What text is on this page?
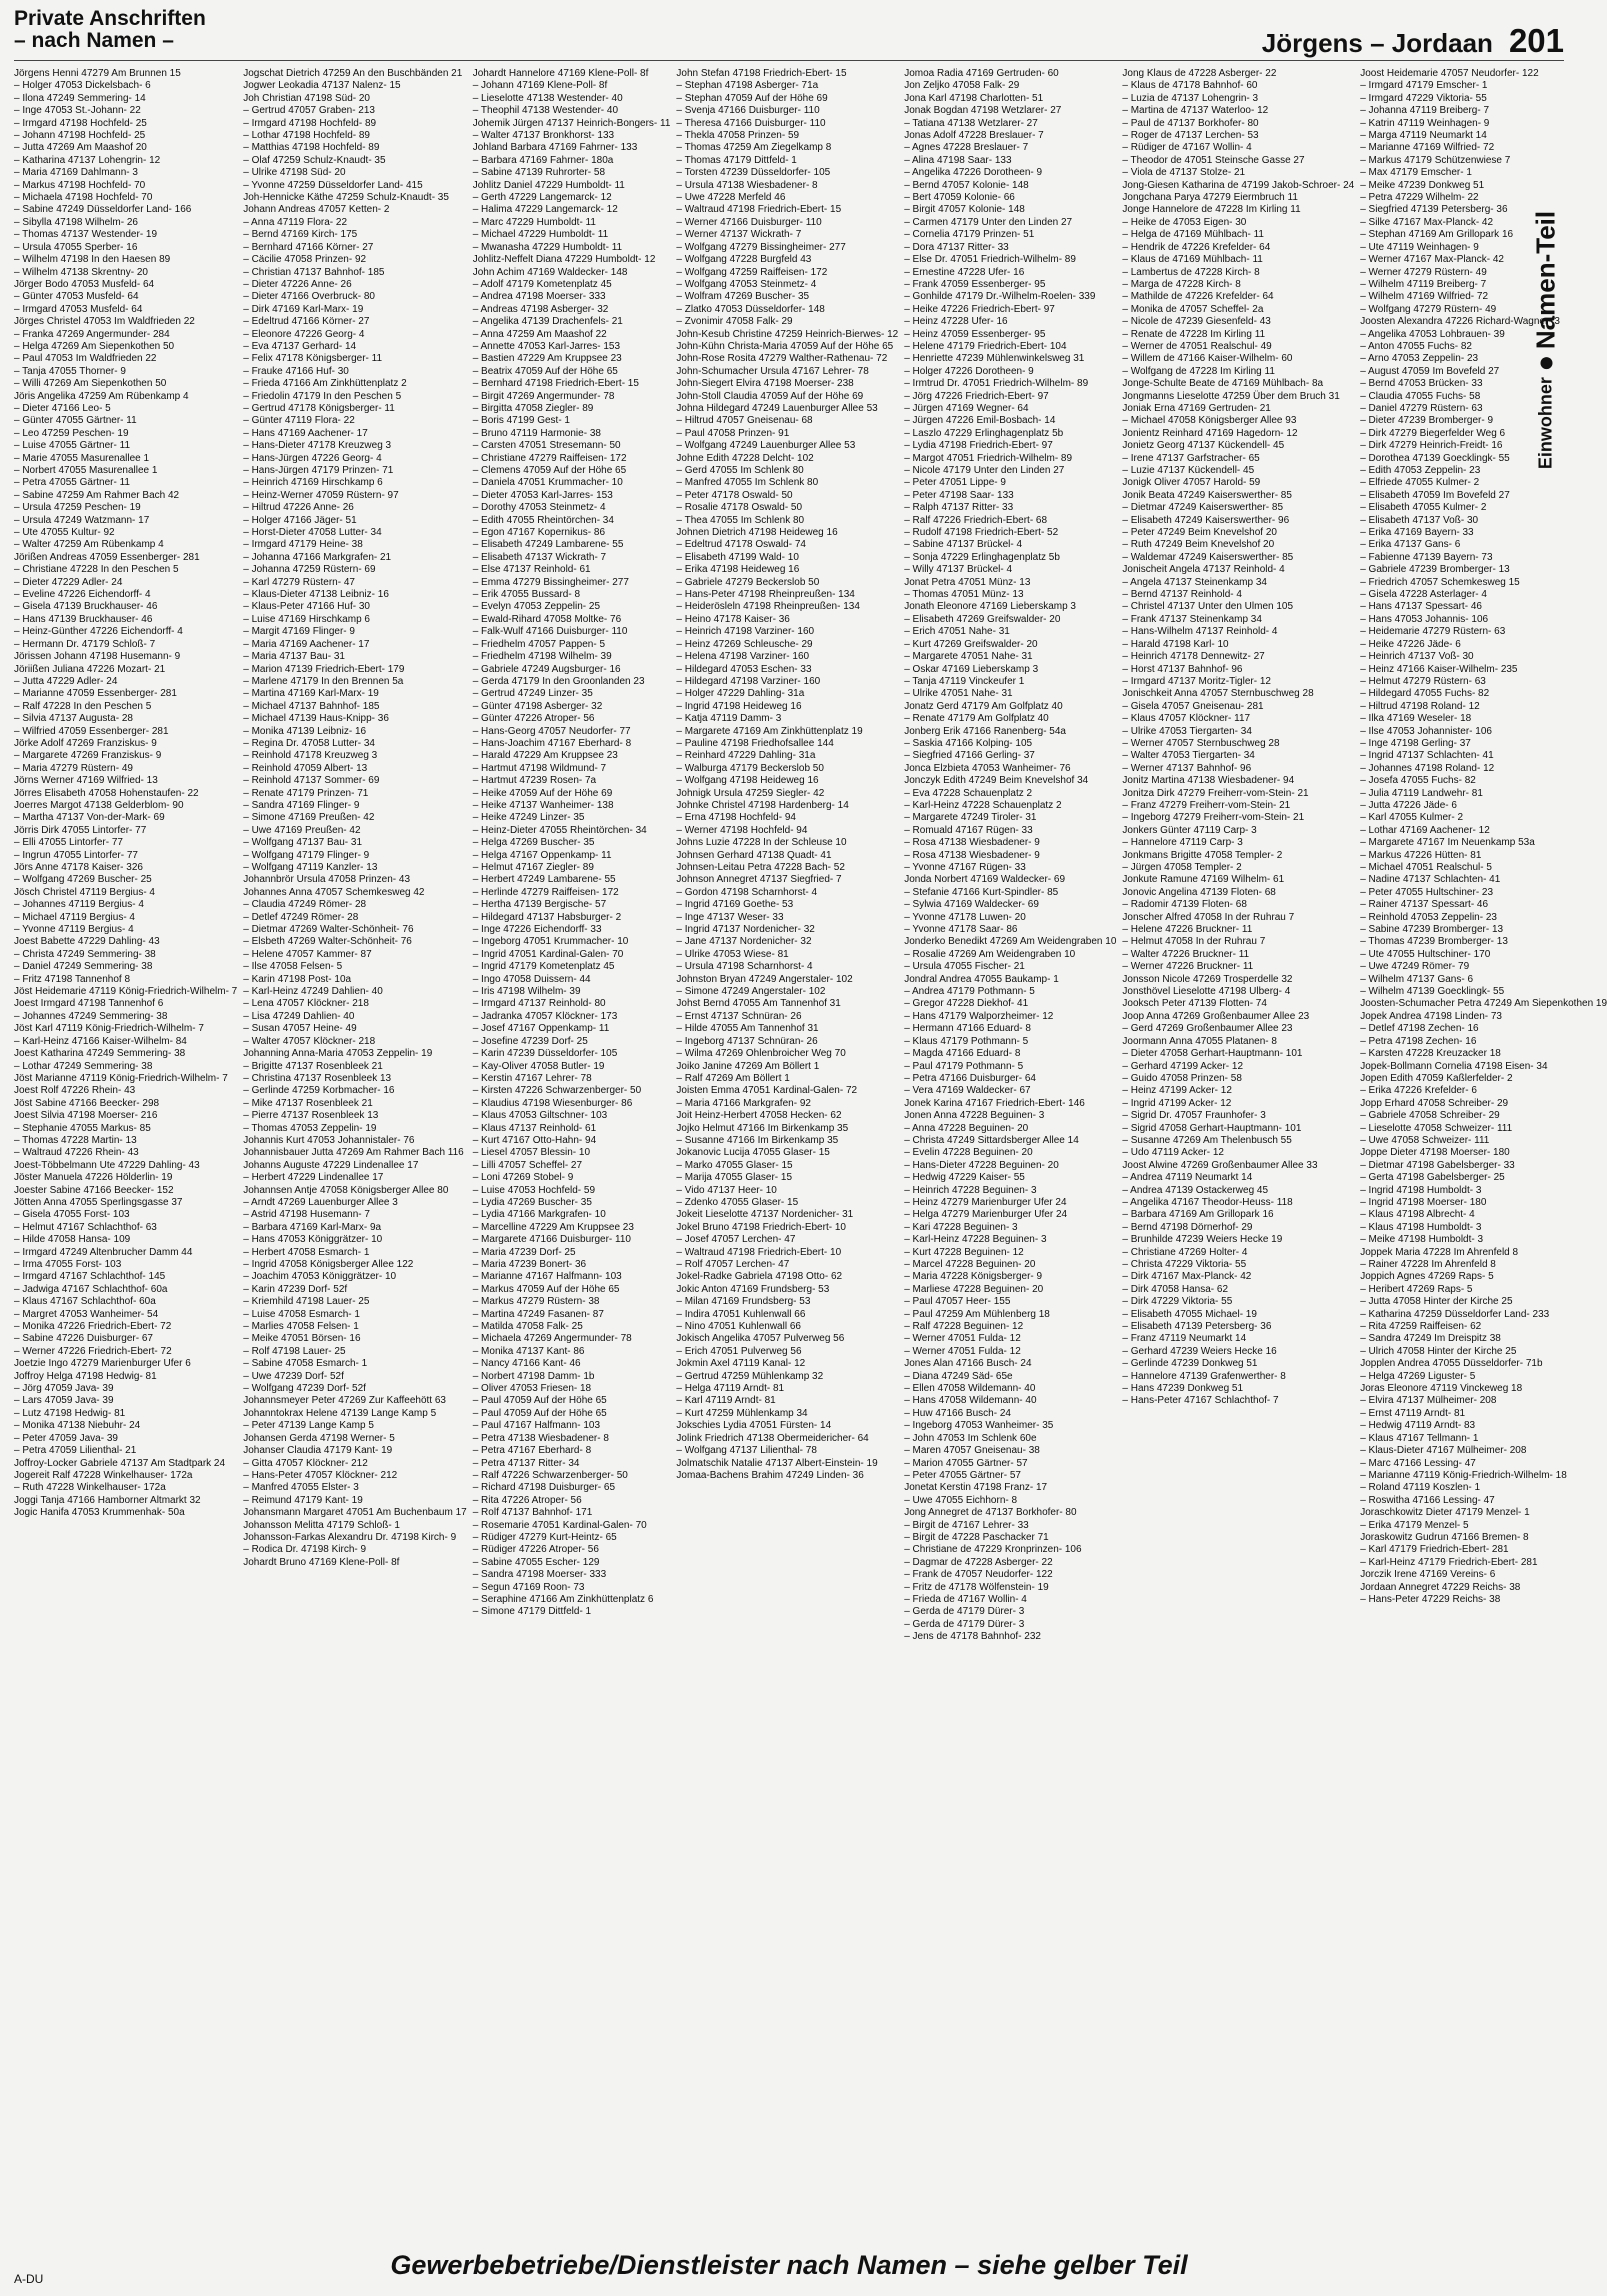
Private Anschriften
– nach Namen –	Jörgens – Jordaan 201

Jörgens Henni 47279 Am Brunnen 15

– Holger 47053 Dickelsbach- 6

– Ilona 47249 Semmering- 14

– Inge 47053 St.-Johann- 22

– Irmgard 47198 Hochfeld- 25

– Johann 47198 Hochfeld- 25

– Jutta 47269 Am Maashof 20

– Katharina 47137 Lohengrin- 12

– Maria 47169 Dahlmann- 3

– Markus 47198 Hochfeld- 70

– Michaela 47198 Hochfeld- 70

– Sabine 47249 Düsseldorfer Land- 166

– Sibylla 47198 Wilhelm- 26

– Thomas 47137 Westender- 19

– Ursula 47055 Sperber- 16

– Wilhelm 47198 In den Haesen 89

– Wilhelm 47138 Skrentny- 20

Jörger Bodo 47053 Musfeld- 64

– Günter 47053 Musfeld- 64

– Irmgard 47053 Musfeld- 64

Jörges Christel 47053 Im Waldfrieden 22

– Franka 47269 Angermunder- 284

– Helga 47269 Am Siepenkothen 50

– Paul 47053 Im Waldfrieden 22

– Tanja 47055 Thorner- 9

– Willi 47269 Am Siepenkothen 50

Jöris Angelika 47259 Am Rübenkamp 4

– Dieter 47166 Leo- 5

– Günter 47055 Gärtner- 11

– Leo 47259 Peschen- 19

– Luise 47055 Gärtner- 11

– Marie 47055 Masurenallee 1

– Norbert 47055 Masurenallee 1

– Petra 47055 Gärtner- 11

– Sabine 47259 Am Rahmer Bach 42

– Ursula 47259 Peschen- 19

– Ursula 47249 Watzmann- 17

– Ute 47055 Kultur- 92

– Walter 47259 Am Rübenkamp 4

Jörißen Andreas 47059 Essenberger- 281

– Christiane 47228 In den Peschen 5

– Dieter 47229 Adler- 24

– Eveline 47226 Eichendorff- 4

– Gisela 47139 Bruckhauser- 46

– Hans 47139 Bruckhauser- 46

– Heinz-Günther 47226 Eichendorff- 4

– Hermann Dr. 47179 Schloß- 7

Jörissen Johann 47198 Husemann- 9

Jöriißen Juliana 47226 Mozart- 21

– Jutta 47229 Adler- 24

– Marianne 47059 Essenberger- 281

– Ralf 47228 In den Peschen 5

– Silvia 47137 Augusta- 28

– Wilfried 47059 Essenberger- 281

Jörke Adolf 47269 Franziskus- 9

– Margarete 47269 Franziskus- 9

– Maria 47279 Rüstern- 49

Jörns Werner 47169 Wilfried- 13

Jörres Elisabeth 47058 Hohenstaufen- 22

Joerres Margot 47138 Gelderblom- 90

– Martha 47137 Von-der-Mark- 69

Jörris Dirk 47055 Lintorfer- 77

– Elli 47055 Lintorfer- 77

– Ingrun 47055 Lintorfer- 77

Jörs Anne 47178 Kaiser- 326

– Wolfgang 47269 Buscher- 25

Jösch Christel 47119 Bergius- 4

– Johannes 47119 Bergius- 4

– Michael 47119 Bergius- 4

– Yvonne 47119 Bergius- 4

Joest Babette 47229 Dahling- 43

– Christa 47249 Semmering- 38

– Daniel 47249 Semmering- 38

– Fritz 47198 Tannenhof 8

Jöst Heidemarie 47119 König-Friedrich-Wilhelm- 7

Joest Irmgard 47198 Tannenhof 6

– Johannes 47249 Semmering- 38

Jöst Karl 47119 König-Friedrich-Wilhelm- 7

– Karl-Heinz 47166 Kaiser-Wilhelm- 84

Joest Katharina 47249 Semmering- 38

– Lothar 47249 Semmering- 38

Jöst Marianne 47119 König-Friedrich-Wilhelm- 7

Joest Rolf 47226 Rhein- 43

Jöst Sabine 47166 Beecker- 298

Joest Silvia 47198 Moerser- 216

– Stephanie 47055 Markus- 85

– Thomas 47228 Martin- 13

– Waltraud 47226 Rhein- 43

Joest-Többelmann Ute 47229 Dahling- 43

Jöster Manuela 47226 Hölderlin- 19

Joester Sabine 47166 Beecker- 152

Jötten Anna 47055 Sperlingsgasse 37

– Gisela 47055 Forst- 103

– Helmut 47167 Schlachthof- 63

– Hilde 47058 Hansa- 109

– Irmgard 47249 Altenbrucher Damm 44

– Irma 47055 Forst- 103

– Irmgard 47167 Schlachthof- 145

– Jadwiga 47167 Schlachthof- 60a

– Klaus 47167 Schlachthof- 60a

– Margret 47053 Wanheimer- 54

– Monika 47226 Friedrich-Ebert- 72

– Sabine 47226 Duisburger- 67

– Werner 47226 Friedrich-Ebert- 72

Joetzie Ingo 47279 Marienburger Ufer 6

Joffroy Helga 47198 Hedwig- 81

– Jörg 47059 Java- 39

– Lars 47059 Java- 39

– Lutz 47198 Hedwig- 81

– Monika 47138 Niebuhr- 24

– Peter 47059 Java- 39

– Petra 47059 Lilienthal- 21

Joffroy-Locker Gabriele 47137 Am Stadtpark 24

Jogereit Ralf 47228 Winkelhauser- 172a

– Ruth 47228 Winkelhauser- 172a

Joggi Tanja 47166 Hamborner Altmarkt 32

Jogic Hanifa 47053 Krummenhak- 50a

Jogschat Dietrich 47259 An den Buschbänden 21

Jogwer Leokadia 47137 Nalenz- 15

Joh Christian 47198 Süd- 20

– Gertrud 47057 Graben- 213

– Irmgard 47198 Hochfeld- 89

– Lothar 47198 Hochfeld- 89

– Matthias 47198 Hochfeld- 89

– Olaf 47259 Schulz-Knaudt- 35

– Ulrike 47198 Süd- 20

– Yvonne 47259 Düsseldorfer Land- 415

Joh-Hennicke Käthe 47259 Schulz-Knaudt- 35

Johann Andreas 47057 Ketten- 2

– Anna 47119 Flora- 22

– Bernd 47169 Kirch- 175

– Bernhard 47166 Körner- 27

– Cäcilie 47058 Prinzen- 92

– Christian 47137 Bahnhof- 185

– Dieter 47226 Anne- 26

– Dieter 47166 Overbruck- 80

– Dirk 47169 Karl-Marx- 19

– Edeltrud 47166 Körner- 27

– Eleonore 47226 Georg- 4

– Eva 47137 Gerhard- 14

– Felix 47178 Königsberger- 11

– Frauke 47166 Huf- 30

– Frieda 47166 Am Zinkhüttenplatz 2

– Friedolin 47179 In den Peschen 5

– Gertrud 47178 Königsberger- 11

– Günter 47119 Flora- 22

– Hans 47169 Aachener- 17

– Hans-Dieter 47178 Kreuzweg 3

– Hans-Jürgen 47226 Georg- 4

– Hans-Jürgen 47179 Prinzen- 71

– Heinrich 47169 Hirschkamp 6

– Heinz-Werner 47059 Rüstern- 97

– Hiltrud 47226 Anne- 26

– Holger 47166 Jäger- 51

– Horst-Dieter 47058 Lutter- 34

– Irmgard 47179 Heine- 38

– Johanna 47166 Markgrafen- 21

– Johanna 47259 Rüstern- 69

– Karl 47279 Rüstern- 47

– Klaus-Dieter 47138 Leibniz- 16

– Klaus-Peter 47166 Huf- 30

– Luise 47169 Hirschkamp 6

– Margit 47169 Flinger- 9

– Maria 47169 Aachener- 17

– Maria 47137 Bau- 31

– Marion 47139 Friedrich-Ebert- 179

– Marlene 47179 In den Brennen 5a

– Martina 47169 Karl-Marx- 19

– Michael 47137 Bahnhof- 185

– Michael 47139 Haus-Knipp- 36

– Monika 47139 Leibniz- 16

– Regina Dr. 47058 Lutter- 34

– Reinhold 47178 Kreuzweg 3

– Reinhold 47059 Albert- 13

– Reinhold 47137 Sommer- 69

– Renate 47179 Prinzen- 71

– Sandra 47169 Flinger- 9

– Simone 47169 Preußen- 42

– Uwe 47169 Preußen- 42

– Wolfgang 47137 Bau- 31

– Wolfgang 47179 Flinger- 9

– Wolfgang 47119 Kanzler- 13

Johannbrör Ursula 47058 Prinzen- 43

Johannes Anna 47057 Schemkesweg 42

– Claudia 47249 Römer- 28

– Detlef 47249 Römer- 28

– Dietmar 47269 Walter-Schönheit- 76

– Elsbeth 47269 Walter-Schönheit- 76

– Helene 47057 Kammer- 87

– Ilse 47058 Felsen- 5

– Karin 47198 Post- 10a

– Karl-Heinz 47249 Dahlien- 40

– Lena 47057 Klöckner- 218

– Lisa 47249 Dahlien- 40

– Susan 47057 Heine- 49

– Walter 47057 Klöckner- 218

Johanning Anna-Maria 47053 Zeppelin- 19

– Brigitte 47137 Rosenbleek 21

– Christina 47137 Rosenbleek 13

– Gerlinde 47259 Korbmacher- 16

– Mike 47137 Rosenbleek 21

– Pierre 47137 Rosenbleek 13

– Thomas 47053 Zeppelin- 19

Johannis Kurt 47053 Johannistaler- 76

Johannisbauer Jutta 47269 Am Rahmer Bach 116

Johanns Auguste 47229 Lindenallee 17

– Herbert 47229 Lindenallee 17

Johannsen Antje 47058 Königsberger Allee 80

– Arndt 47269 Lauenburger Allee 3

– Astrid 47198 Husemann- 7

– Barbara 47169 Karl-Marx- 9a

– Hans 47053 Königgrätzer- 10

– Herbert 47058 Esmarch- 1

– Ingrid 47058 Königsberger Allee 122

– Joachim 47053 Königgrätzer- 10

– Karin 47239 Dorf- 52f

– Kriemhild 47198 Lauer- 25

– Luise 47058 Esmarch- 1

– Marlies 47058 Felsen- 1

– Meike 47051 Börsen- 16

– Rolf 47198 Lauer- 25

– Sabine 47058 Esmarch- 1

– Uwe 47239 Dorf- 52f

– Wolfgang 47239 Dorf- 52f

Johannsmeyer Peter 47269 Zur Kaffeehött 63

Johanntokrax Helene 47139 Lange Kamp 5

– Peter 47139 Lange Kamp 5

Johansen Gerda 47198 Werner- 5

Johanser Claudia 47179 Kant- 19

– Gitta 47057 Klöckner- 212

– Hans-Peter 47057 Klöckner- 212

– Manfred 47055 Elster- 3

– Reimund 47179 Kant- 19

Johansmann Margaret 47051 Am Buchenbaum 17

Johansson Melitta 47179 Schloß- 1

Johansson-Farkas Alexandru Dr. 47198 Kirch- 9

– Rodica Dr. 47198 Kirch- 9

Johardt Bruno 47169 Klene-Poll- 8f

Johardt Hannelore 47169 Klene-Poll- 8f

– Johann 47169 Klene-Poll- 8f

– Lieselotte 47138 Westender- 40

– Theophil 47138 Westender- 40

Johemik Jürgen 47137 Heinrich-Bongers- 11

– Walter 47137 Bronkhorst- 133

Johland Barbara 47169 Fahrner- 133

– Barbara 47169 Fahrner- 180a

– Sabine 47139 Ruhrorter- 58

Johlitz Daniel 47229 Humboldt- 11

– Gerth 47229 Langemarck- 12

– Halima 47229 Langemarck- 12

– Marc 47229 Humboldt- 11

– Michael 47229 Humboldt- 11

– Mwanasha 47229 Humboldt- 11

Johlitz-Neffelt Diana 47229 Humboldt- 12

John Achim 47169 Waldecker- 148

– Adolf 47179 Kometenplatz 45

– Andrea 47198 Moerser- 333

– Andreas 47198 Asberger- 32

– Angelika 47139 Drachenfels- 21

– Anna 47259 Am Maashof 22

– Annette 47053 Karl-Jarres- 153

– Bastien 47229 Am Kruppsee 23

– Beatrix 47059 Auf der Höhe 65

– Bernhard 47198 Friedrich-Ebert- 15

– Birgit 47269 Angermunder- 78

– Birgitta 47058 Ziegler- 89

– Boris 47199 Gest- 1

– Bruno 47119 Harmonie- 38

– Carsten 47051 Stresemann- 50

– Christiane 47279 Raiffeisen- 172

– Clemens 47059 Auf der Höhe 65

– Daniela 47051 Krummacher- 10

– Dieter 47053 Karl-Jarres- 153

– Dorothy 47053 Steinmetz- 4

– Edith 47055 Rheintörchen- 34

– Egon 47167 Kopernikus- 86

– Elisabeth 47249 Lambarene- 55

– Elisabeth 47137 Wickrath- 7

– Else 47137 Reinhold- 61

– Emma 47279 Bissingheimer- 277

– Erik 47055 Bussard- 8

– Evelyn 47053 Zeppelin- 25

– Ewald-Rihard 47058 Moltke- 76

– Falk-Wulf 47166 Duisburger- 110

– Friedhelm 47057 Pappen- 5

– Friedhelm 47198 Wilhelm- 39

– Gabriele 47249 Augsburger- 16

– Gerda 47179 In den Groonlanden 23

– Gertrud 47249 Linzer- 35

– Günter 47198 Asberger- 32

– Günter 47226 Atroper- 56

– Hans-Georg 47057 Neudorfer- 77

– Hans-Joachim 47167 Eberhard- 8

– Harald 47229 Am Kruppsee 23

– Hartmut 47198 Wildmund- 7

– Hartmut 47239 Rosen- 7a

– Heike 47059 Auf der Höhe 69

– Heike 47137 Wanheimer- 138

– Heike 47249 Linzer- 35

– Heinz-Dieter 47055 Rheintörchen- 34

– Helga 47269 Buscher- 35

– Helga 47167 Oppenkamp- 11

– Helmut 47167 Ziegler- 89

– Herbert 47249 Lambarene- 55

– Herlinde 47279 Raiffeisen- 172

– Hertha 47139 Bergische- 57

– Hildegard 47137 Habsburger- 2

– Inge 47226 Eichendorff- 33

– Ingeborg 47051 Krummacher- 10

– Ingrid 47051 Kardinal-Galen- 70

– Ingrid 47179 Kometenplatz 45

– Ingo 47058 Duissern- 44

– Iris 47198 Wilhelm- 39

– Irmgard 47137 Reinhold- 80

– Jadranka 47057 Klöckner- 173

– Josef 47167 Oppenkamp- 11

– Josefine 47239 Dorf- 25

– Karin 47239 Düsseldorfer- 105

– Kay-Oliver 47058 Butler- 19

– Kerstin 47167 Lehrer- 78

– Kirsten 47226 Schwarzenberger- 50

– Klaudius 47198 Wiesenburger- 86

– Klaus 47053 Giltschner- 103

– Klaus 47137 Reinhold- 61

– Kurt 47167 Otto-Hahn- 94

– Liesel 47057 Blessin- 10

– Lilli 47057 Scheffel- 27

– Loni 47269 Stobel- 9

– Luise 47053 Hochfeld- 59

– Lydia 47269 Buscher- 35

– Lydia 47166 Markgrafen- 10

– Marcelline 47229 Am Kruppsee 23

– Margarete 47166 Duisburger- 110

– Maria 47239 Dorf- 25

– Maria 47239 Bonert- 36

– Marianne 47167 Halfmann- 103

– Markus 47059 Auf der Höhe 65

– Markus 47279 Rüstern- 38

– Martina 47249 Fasanen- 87

– Matilda 47058 Falk- 25

– Michaela 47269 Angermunder- 78

– Monika 47137 Kant- 86

– Nancy 47166 Kant- 46

– Norbert 47198 Damm- 1b

– Oliver 47053 Friesen- 18

– Paul 47059 Auf der Höhe 65

– Paul 47059 Auf der Höhe 65

– Paul 47167 Halfmann- 103

– Petra 47138 Wiesbadener- 8

– Petra 47167 Eberhard- 8

– Petra 47137 Ritter- 34

– Ralf 47226 Schwarzenberger- 50

– Richard 47198 Duisburger- 65

– Rita 47226 Atroper- 56

– Rolf 47137 Bahnhof- 171

– Rosemarie 47051 Kardinal-Galen- 70

– Rüdiger 47279 Kurt-Heintz- 65

– Rüdiger 47226 Atroper- 56

– Sabine 47055 Escher- 129

– Sandra 47198 Moerser- 333

– Segun 47169 Roon- 73

– Seraphine 47166 Am Zinkhüttenplatz 6

– Simone 47179 Dittfeld- 1

John Stefan 47198 Friedrich-Ebert- 15

– Stephan 47198 Asberger- 71a

– Stephan 47059 Auf der Höhe 69

– Svenja 47166 Duisburger- 110

– Theresa 47166 Duisburger- 110

– Thekla 47058 Prinzen- 59

– Thomas 47259 Am Ziegelkamp 8

– Thomas 47179 Dittfeld- 1

– Torsten 47239 Düsseldorfer- 105

– Ursula 47138 Wiesbadener- 8

– Uwe 47228 Merfeld 46

– Waltraud 47198 Friedrich-Ebert- 15

– Werner 47166 Duisburger- 110

– Werner 47137 Wickrath- 7

– Wolfgang 47279 Bissingheimer- 277

– Wolfgang 47228 Burgfeld 43

– Wolfgang 47259 Raiffeisen- 172

– Wolfgang 47053 Steinmetz- 4

– Wolfram 47269 Buscher- 35

– Zlatko 47053 Düsseldorfer- 148

– Zvonimir 47058 Falk- 29

John-Kesub Christine 47259 Heinrich-Bierwes- 12

John-Kühn Christa-Maria 47059 Auf der Höhe 65

John-Rose Rosita 47279 Walther-Rathenau- 72

John-Schumacher Ursula 47167 Lehrer- 78

John-Siegert Elvira 47198 Moerser- 238

John-Stoll Claudia 47059 Auf der Höhe 69

Johna Hildegard 47249 Lauenburger Allee 53

– Hiltrud 47057 Gneisenau- 68

– Paul 47058 Prinzen- 91

– Wolfgang 47249 Lauenburger Allee 53

Johne Edith 47228 Delcht- 102

– Gerd 47055 Im Schlenk 80

– Manfred 47055 Im Schlenk 80

– Peter 47178 Oswald- 50

– Rosalie 47178 Oswald- 50

– Thea 47055 Im Schlenk 80

Johnen Dietrich 47198 Heideweg 16

– Edeltrud 47178 Oswald- 74

– Elisabeth 47199 Wald- 10

– Erika 47198 Heideweg 16

– Gabriele 47279 Beckerslob 50

– Hans-Peter 47198 Rheinpreußen- 134

– Heiderösleln 47198 Rheinpreußen- 134

– Heino 47178 Kaiser- 36

– Heinrich 47198 Varziner- 160

– Heinz 47269 Schleusche- 29

– Helena 47198 Varziner- 160

– Hildegard 47053 Eschen- 33

– Hildegard 47198 Varziner- 160

– Holger 47229 Dahling- 31a

– Ingrid 47198 Heideweg 16

– Katja 47119 Damm- 3

– Margarete 47169 Am Zinkhüttenplatz 19

– Pauline 47198 Friedhofsallee 144

– Reinhard 47229 Dahling- 31a

– Walburga 47179 Beckerslob 50

– Wolfgang 47198 Heideweg 16

Johnigk Ursula 47259 Siegler- 42

Johnke Christel 47198 Hardenberg- 14

– Erna 47198 Hochfeld- 94

– Werner 47198 Hochfeld- 94

Johns Luzie 47228 In der Schleuse 10

Johnsen Gerhard 47138 Quadt- 41

Johnsen-Leitau Petra 47228 Bach- 52

Johnson Annegret 47137 Siegfried- 7

– Gordon 47198 Scharnhorst- 4

– Ingrid 47169 Goethe- 53

– Inge 47137 Weser- 33

– Ingrid 47137 Nordenicher- 32

– Jane 47137 Nordenicher- 32

– Ulrike 47053 Wiese- 81

– Ursula 47198 Scharnhorst- 4

Johnston Bryan 47249 Angerstaler- 102

– Simone 47249 Angerstaler- 102

Johst Bernd 47055 Am Tannenhof 31

– Ernst 47137 Schnüran- 26

– Hilde 47055 Am Tannenhof 31

– Ingeborg 47137 Schnüran- 26

– Wilma 47269 Ohlenbroicher Weg 70

Joiko Janine 47269 Am Böllert 1

– Ralf 47269 Am Böllert 1

Joisten Emma 47051 Kardinal-Galen- 72

– Maria 47166 Markgrafen- 92

Joit Heinz-Herbert 47058 Hecken- 62

Jojko Helmut 47166 Im Birkenkamp 35

– Susanne 47166 Im Birkenkamp 35

Jokanovic Lucija 47055 Glaser- 15

– Marko 47055 Glaser- 15

– Marija 47055 Glaser- 15

– Vido 47137 Heer- 10

– Zdenko 47055 Glaser- 15

Jokeit Lieselotte 47137 Nordenicher- 31

Jokel Bruno 47198 Friedrich-Ebert- 10

– Josef 47057 Lerchen- 47

– Waltraud 47198 Friedrich-Ebert- 10

– Rolf 47057 Lerchen- 47

Jokel-Radke Gabriela 47198 Otto- 62

Jokic Anton 47169 Frundsberg- 53

– Milan 47169 Frundsberg- 53

– Indira 47051 Kuhlenwall 66

– Nino 47051 Kuhlenwall 66

Jokisch Angelika 47057 Pulverweg 56

– Erich 47051 Pulverweg 56

Jokmin Axel 47119 Kanal- 12

– Gertrud 47259 Mühlenkamp 32

– Helga 47119 Arndt- 81

– Karl 47119 Arndt- 81

– Kurt 47259 Mühlenkamp 34

Jokschies Lydia 47051 Fürsten- 14

Jolink Friedrich 47138 Obermeidericher- 64

– Wolfgang 47137 Lilienthal- 78

Jolmatschik Natalie 47137 Albert-Einstein- 19

Jomaa-Bachens Brahim 47249 Linden- 36

Jomoa Radia 47169 Gertruden- 60

Jon Zeljko 47058 Falk- 29

Jona Karl 47198 Charlotten- 51

Jonak Bogdan 47198 Wetzlarer- 27

– Tatiana 47138 Wetzlarer- 27

Jonas Adolf 47228 Breslauer- 7

– Agnes 47228 Breslauer- 7

– Alina 47198 Saar- 133

– Angelika 47226 Dorotheen- 9

– Bernd 47057 Kolonie- 148

– Bert 47059 Kolonie- 66

– Birgit 47057 Kolonie- 148

– Carmen 47179 Unter den Linden 27

– Cornelia 47179 Prinzen- 51

– Dora 47137 Ritter- 33

– Else Dr. 47051 Friedrich-Wilhelm- 89

– Ernestine 47228 Ufer- 16

– Frank 47059 Essenberger- 95

– Gonhilde 47179 Dr.-Wilhelm-Roelen- 339

– Heike 47226 Friedrich-Ebert- 97

– Heinz 47228 Ufer- 16

– Heinz 47059 Essenberger- 95

– Helene 47179 Friedrich-Ebert- 104

– Henriette 47239 Mühlenwinkelsweg 31

– Holger 47226 Dorotheen- 9

– Irmtrud Dr. 47051 Friedrich-Wilhelm- 89

– Jörg 47226 Friedrich-Ebert- 97

– Jürgen 47169 Wegner- 64

– Jürgen 47226 Emil-Bosbach- 14

– Laszlo 47229 Erlinghagenplatz 5b

– Lydia 47198 Friedrich-Ebert- 97

– Margot 47051 Friedrich-Wilhelm- 89

– Nicole 47179 Unter den Linden 27

– Peter 47051 Lippe- 9

– Peter 47198 Saar- 133

– Ralph 47137 Ritter- 33

– Ralf 47226 Friedrich-Ebert- 68

– Rudolf 47198 Friedrich-Ebert- 52

– Sabine 47137 Brückel- 4

– Sonja 47229 Erlinghagenplatz 5b

– Willy 47137 Brückel- 4

Jonat Petra 47051 Münz- 13

– Thomas 47051 Münz- 13

Jonath Eleonore 47169 Lieberskamp 3

– Elisabeth 47269 Greifswalder- 20

– Erich 47051 Nahe- 31

– Kurt 47269 Greifswalder- 20

– Margarete 47051 Nahe- 31

– Oskar 47169 Lieberskamp 3

– Tanja 47119 Vinckeufer 1

– Ulrike 47051 Nahe- 31

Jonatz Gerd 47179 Am Golfplatz 40

– Renate 47179 Am Golfplatz 40

Jonberg Erik 47166 Ranenberg- 54a

– Saskia 47166 Kolping- 105

– Siegfried 47166 Gerling- 37

Jonca Elzbieta 47053 Wanheimer- 76

Jonczyk Edith 47249 Beim Knevelshof 34

– Eva 47228 Schauenplatz 2

– Karl-Heinz 47228 Schauenplatz 2

– Margarete 47249 Tiroler- 31

– Romuald 47167 Rügen- 33

– Rosa 47138 Wiesbadener- 9

– Rosa 47138 Wiesbadener- 9

– Yvonne 47167 Rügen- 33

Jonda Norbert 47169 Waldecker- 69

– Stefanie 47166 Kurt-Spindler- 85

– Sylwia 47169 Waldecker- 69

– Yvonne 47178 Luwen- 20

– Yvonne 47178 Saar- 86

Jonderko Benedikt 47269 Am Weidengraben 10

– Rosalie 47269 Am Weidengraben 10

– Ursula 47055 Fischer- 21

Jondral Andrea 47055 Baukamp- 1

– Andrea 47179 Pothmann- 5

– Gregor 47228 Diekhof- 41

– Hans 47179 Walporzheimer- 12

– Hermann 47166 Eduard- 8

– Klaus 47179 Pothmann- 5

– Magda 47166 Eduard- 8

– Paul 47179 Pothmann- 5

– Petra 47166 Duisburger- 64

– Vera 47169 Waldecker- 67

Jonek Karina 47167 Friedrich-Ebert- 146

Jonen Anna 47228 Beguinen- 3

– Anna 47228 Beguinen- 20

– Christa 47249 Sittardsberger Allee 14

– Evelin 47228 Beguinen- 20

– Hans-Dieter 47228 Beguinen- 20

– Hedwig 47229 Kaiser- 55

– Heinrich 47228 Beguinen- 3

– Heinz 47279 Marienburger Ufer 24

– Helga 47279 Marienburger Ufer 24

– Kari 47228 Beguinen- 3

– Karl-Heinz 47228 Beguinen- 3

– Kurt 47228 Beguinen- 12

– Marcel 47228 Beguinen- 20

– Maria 47228 Königsberger- 9

– Marliese 47228 Beguinen- 20

– Paul 47057 Heer- 155

– Paul 47259 Am Mühlenberg 18

– Ralf 47228 Beguinen- 12

– Werner 47051 Fulda- 12

– Werner 47051 Fulda- 12

Jones Alan 47166 Busch- 24

– Diana 47249 Säd- 65e

– Ellen 47058 Wildemann- 40

– Hans 47058 Wildemann- 40

– Huw 47166 Busch- 24

– Ingeborg 47053 Wanheimer- 35

– John 47053 Im Schlenk 60e

– Maren 47057 Gneisenau- 38

– Marion 47055 Gärtner- 57

– Peter 47055 Gärtner- 57

Jonetat Kerstin 47198 Franz- 17

– Uwe 47055 Eichhorn- 8

Jong Annegret de 47137 Borkhofer- 80

– Birgit de 47167 Lehrer- 33

– Birgit de 47228 Paschacker 71

– Christiane de 47229 Kronprinzen- 106

– Dagmar de 47228 Asberger- 22

– Frank de 47057 Neudorfer- 122

– Fritz de 47178 Wölfenstein- 19

– Frieda de 47167 Wollin- 4

– Gerda de 47179 Dürer- 3

– Gerda de 47179 Dürer- 3

– Jens de 47178 Bahnhof- 232

Jong Klaus de 47228 Asberger- 22

– Klaus de 47178 Bahnhof- 60

– Luzia de 47137 Lohengrin- 3

– Martina de 47137 Waterloo- 12

– Paul de 47137 Borkhofer- 80

– Roger de 47137 Lerchen- 53

– Rüdiger de 47167 Wollin- 4

– Theodor de 47051 Steinsche Gasse 27

– Viola de 47137 Stolze- 21

Jong-Giesen Katharina de 47199 Jakob-Schroer- 24

Jongchana Parya 47279 Eiermbruch 11

Jonge Hannelore de 47228 Im Kirling 11

– Heike de 47053 Eigen- 30

– Helga de 47169 Mühlbach- 11

– Hendrik de 47226 Krefelder- 64

– Klaus de 47169 Mühlbach- 11

– Lambertus de 47228 Kirch- 8

– Marga de 47228 Kirch- 8

– Mathilde de 47226 Krefelder- 64

– Monika de 47057 Scheffel- 2a

– Nicole de 47239 Giesenfeld- 43

– Renate de 47228 Im Kirling 11

– Werner de 47051 Realschul- 49

– Willem de 47166 Kaiser-Wilhelm- 60

– Wolfgang de 47228 Im Kirling 11

Jonge-Schulte Beate de 47169 Mühlbach- 8a

Jongmanns Lieselotte 47259 Über dem Bruch 31

Joniak Erna 47169 Gertruden- 21

– Michael 47058 Königsberger Allee 93

Jonientz Reinhard 47169 Hagedorn- 12

Jonietz Georg 47137 Kückendell- 45

– Irene 47137 Garfstracher- 65

– Luzie 47137 Kückendell- 45

Jonigk Oliver 47057 Harold- 59

Jonik Beata 47249 Kaiserswerther- 85

– Dietmar 47249 Kaiserswerther- 85

– Elisabeth 47249 Kaiserswerther- 96

– Peter 47249 Beim Knevelshof 20

– Ruth 47249 Beim Knevelshof 20

– Waldemar 47249 Kaiserswerther- 85

Jonischeit Angela 47137 Reinhold- 4

– Angela 47137 Steinenkamp 34

– Bernd 47137 Reinhold- 4

– Christel 47137 Unter den Ulmen 105

– Frank 47137 Steinenkamp 34

– Hans-Wilhelm 47137 Reinhold- 4

– Harald 47198 Karl- 10

– Heinrich 47178 Dennewitz- 27

– Horst 47137 Bahnhof- 96

– Irmgard 47137 Moritz-Tigler- 12

Jonischkeit Anna 47057 Sternbuschweg 28

– Gisela 47057 Gneisenau- 281

– Klaus 47057 Klöckner- 117

– Ulrike 47053 Tiergarten- 34

– Werner 47057 Sternbuschweg 28

– Walter 47053 Tiergarten- 34

– Werner 47137 Bahnhof- 96

Jonitz Martina 47138 Wiesbadener- 94

Jonitza Dirk 47279 Freiherr-vom-Stein- 21

– Franz 47279 Freiherr-vom-Stein- 21

– Ingeborg 47279 Freiherr-vom-Stein- 21

Jonkers Günter 47119 Carp- 3

– Hannelore 47119 Carp- 3

Jonkmans Brigitte 47058 Templer- 2

– Jürgen 47058 Templer- 2

Jonkute Ramune 47169 Wilhelm- 61

Jonovic Angelina 47139 Floten- 68

– Radomir 47139 Floten- 68

Jonscher Alfred 47058 In der Ruhrau 7

– Helene 47226 Bruckner- 11

– Helmut 47058 In der Ruhrau 7

– Walter 47226 Bruckner- 11

– Werner 47226 Bruckner- 11

Jonsson Nicole 47269 Trosperdelle 32

Jonsthövel Lieselotte 47198 Ulberg- 4

Jooksch Peter 47139 Flotten- 74

Joop Anna 47269 Großenbaumer Allee 23

– Gerd 47269 Großenbaumer Allee 23

Joormann Anna 47055 Platanen- 8

– Dieter 47058 Gerhart-Hauptmann- 101

– Gerhard 47199 Acker- 12

– Guido 47058 Prinzen- 58

– Heinz 47199 Acker- 12

– Ingrid 47199 Acker- 12

– Sigrid Dr. 47057 Fraunhofer- 3

– Sigrid 47058 Gerhart-Hauptmann- 101

– Susanne 47269 Am Thelenbusch 55

– Udo 47119 Acker- 12

Joost Alwine 47269 Großenbaumer Allee 33

– Andrea 47119 Neumarkt 14

– Andrea 47139 Ostackerweg 45

– Angelika 47167 Theodor-Heuss- 118

– Barbara 47169 Am Grillopark 16

– Bernd 47198 Dörnerhof- 29

– Brunhilde 47239 Weiers Hecke 19

– Christiane 47269 Holter- 4

– Christa 47229 Viktoria- 55

– Dirk 47167 Max-Planck- 42

– Dirk 47058 Hansa- 62

– Dirk 47229 Viktoria- 55

– Elisabeth 47055 Michael- 19

– Elisabeth 47139 Petersberg- 36

– Franz 47119 Neumarkt 14

– Gerhard 47239 Weiers Hecke 16

– Gerlinde 47239 Donkweg 51

– Hannelore 47139 Grafenwerther- 8

– Hans 47239 Donkweg 51

– Hans-Peter 47167 Schlachthof- 7

Joost Heidemarie 47057 Neudorfer- 122

– Irmgard 47179 Emscher- 1

– Irmgard 47229 Viktoria- 55

– Johanna 47119 Breiberg- 7

– Katrin 47119 Weinhagen- 9

– Marga 47119 Neumarkt 14

– Marianne 47169 Wilfried- 72

– Markus 47179 Schützenwiese 7

– Max 47179 Emscher- 1

– Meike 47239 Donkweg 51

– Petra 47229 Wilhelm- 22

– Siegfried 47139 Petersberg- 36

– Silke 47167 Max-Planck- 42

– Stephan 47169 Am Grillopark 16

– Ute 47119 Weinhagen- 9

– Werner 47167 Max-Planck- 42

– Werner 47279 Rüstern- 49

– Wilhelm 47119 Breiberg- 7

– Wilhelm 47169 Wilfried- 72

– Wolfgang 47279 Rüstern- 49

Joosten Alexandra 47226 Richard-Wagner- 3

– Angelika 47053 Lohbrauen- 39

– Anton 47055 Fuchs- 82

– Arno 47053 Zeppelin- 23

– August 47059 Im Bovefeld 27

– Bernd 47053 Brücken- 33

– Claudia 47055 Fuchs- 58

– Daniel 47279 Rüstern- 63

– Dieter 47239 Bromberger- 9

– Dirk 47279 Biegerfelder Weg 6

– Dirk 47279 Heinrich-Freidt- 16

– Dorothea 47139 Goecklingk- 55

– Edith 47053 Zeppelin- 23

– Elfriede 47055 Kulmer- 2

– Elisabeth 47059 Im Bovefeld 27

– Elisabeth 47055 Kulmer- 2

– Elisabeth 47137 Voß- 30

– Erika 47169 Bayern- 33

– Erika 47137 Gans- 6

– Fabienne 47139 Bayern- 73

– Gabriele 47239 Bromberger- 13

– Friedrich 47057 Schemkesweg 15

– Gisela 47228 Asterlager- 4

– Hans 47137 Spessart- 46

– Hans 47053 Johannis- 106

– Heidemarie 47279 Rüstern- 63

– Heike 47226 Jäde- 6

– Heinrich 47137 Voß- 30

– Heinz 47166 Kaiser-Wilhelm- 235

– Helmut 47279 Rüstern- 63

– Hildegard 47055 Fuchs- 82

– Hiltrud 47198 Roland- 12

– Ilka 47169 Weseler- 18

– Ilse 47053 Johannister- 106

– Inge 47198 Gerling- 37

– Ingrid 47137 Schlachten- 41

– Johannes 47198 Roland- 12

– Josefa 47055 Fuchs- 82

– Julia 47119 Landwehr- 81

– Jutta 47226 Jäde- 6

– Karl 47055 Kulmer- 2

– Lothar 47169 Aachener- 12

– Margarete 47167 Im Neuenkamp 53a

– Markus 47226 Hütten- 81

– Michael 47051 Realschul- 5

– Nadine 47137 Schlachten- 41

– Peter 47055 Hultschiner- 23

– Rainer 47137 Spessart- 46

– Reinhold 47053 Zeppelin- 23

– Sabine 47239 Bromberger- 13

– Thomas 47239 Bromberger- 13

– Ute 47055 Hultschiner- 170

– Uwe 47249 Römer- 79

– Wilhelm 47137 Gans- 6

– Wilhelm 47139 Goecklingk- 55

Joosten-Schumacher Petra 47249 Am Siepenkothen 19

Jopek Andrea 47198 Linden- 73

– Detlef 47198 Zechen- 16

– Petra 47198 Zechen- 16

– Karsten 47228 Kreuzacker 18

Jopek-Bollmann Cornelia 47198 Eisen- 34

Jopen Edith 47059 Kaßlerfelder- 2

– Erika 47226 Krefelder- 6

Jopp Erhard 47058 Schreiber- 29

– Gabriele 47058 Schreiber- 29

– Lieselotte 47058 Schweizer- 111

– Uwe 47058 Schweizer- 111

Joppe Dieter 47198 Moerser- 180

– Dietmar 47198 Gabelsberger- 33

– Gerta 47198 Gabelsberger- 25

– Ingrid 47198 Humboldt- 3

– Ingrid 47198 Moerser- 180

– Klaus 47198 Albrecht- 4

– Klaus 47198 Humboldt- 3

– Meike 47198 Humboldt- 3

Joppek Maria 47228 Im Ahrenfeld 8

– Rainer 47228 Im Ahrenfeld 8

Joppich Agnes 47269 Raps- 5

– Heribert 47269 Raps- 5

– Jutta 47058 Hinter der Kirche 25

– Katharina 47259 Düsseldorfer Land- 233

– Rita 47259 Raiffeisen- 62

– Sandra 47249 Im Dreispitz 38

– Ulrich 47058 Hinter der Kirche 25

Jopplen Andrea 47055 Düsseldorfer- 71b

– Helga 47269 Liguster- 5

Joras Eleonore 47119 Vinckeweg 18

– Elvira 47137 Mülheimer- 208

– Ernst 47119 Arndt- 81

– Hedwig 47119 Arndt- 83

– Klaus 47167 Tellmann- 1

– Klaus-Dieter 47167 Mülheimer- 208

– Marc 47166 Lessing- 47

– Marianne 47119 König-Friedrich-Wilhelm- 18

– Roland 47119 Koszlen- 1

– Roswitha 47166 Lessing- 47

Joraschkowitz Dieter 47179 Menzel- 1

– Erika 47179 Menzel- 5

Joraskowitz Gudrun 47166 Bremen- 8

– Karl 47179 Friedrich-Ebert- 281

– Karl-Heinz 47179 Friedrich-Ebert- 281

Jorczik Irene 47169 Vereins- 6

Jordaan Annegret 47229 Reichs- 38

– Hans-Peter 47229 Reichs- 38

Einwohner
Namen-Teil
A-DU	Gewerbebetriebe/Dienstleister nach Namen – siehe gelber Teil
